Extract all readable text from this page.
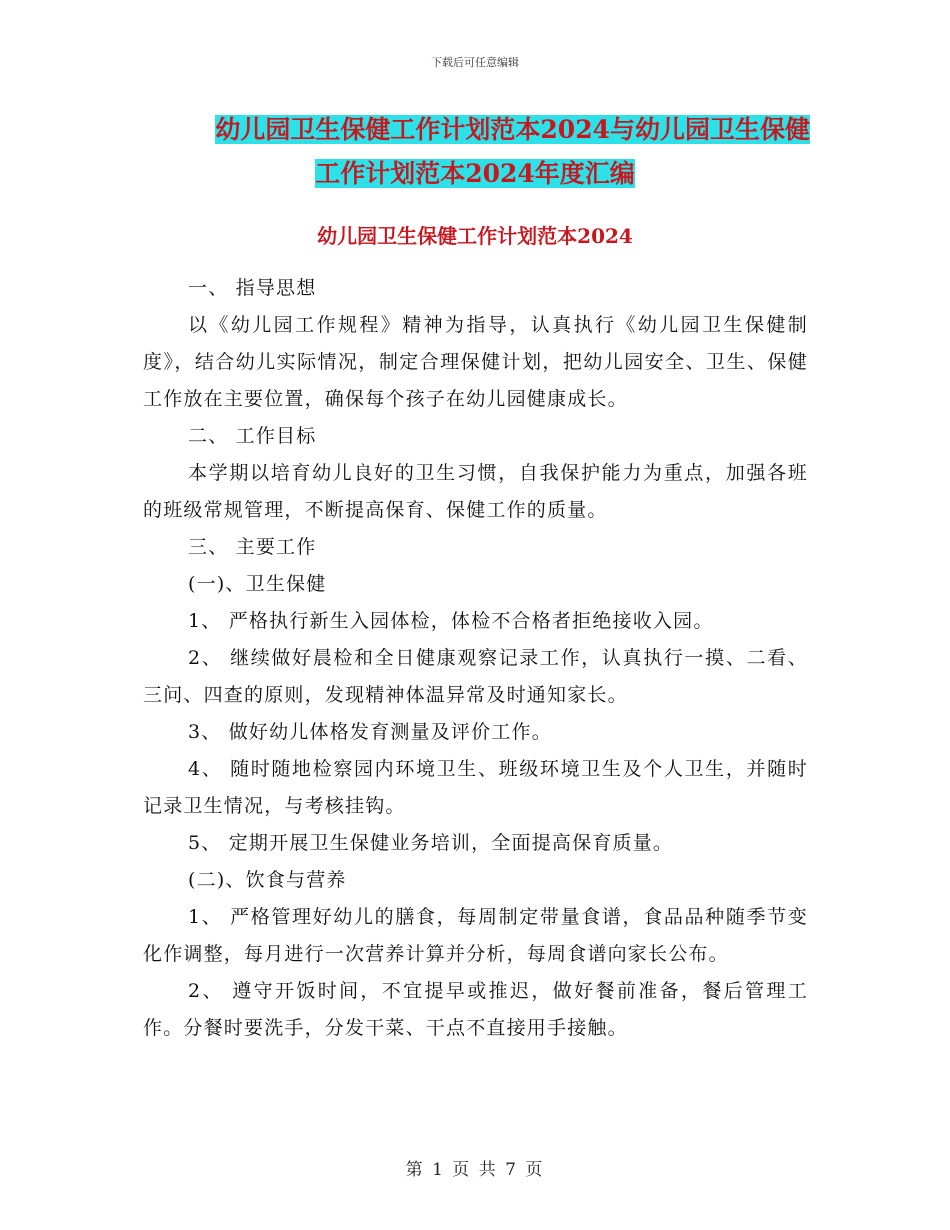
下载后可任意编辑
幼儿园卫生保健工作计划范本2024与幼儿园卫生保健
工作计划范本2024年度汇编
幼儿园卫生保健工作计划范本2024

一、 指导思想

以《幼儿园工作规程》精神为指导，认真执行《幼儿园卫生保健制度》，结合幼儿实际情况，制定合理保健计划，把幼儿园安全、卫生、保健工作放在主要位置，确保每个孩子在幼儿园健康成长。

二、 工作目标

本学期以培育幼儿良好的卫生习惯，自我保护能力为重点，加强各班的班级常规管理，不断提高保育、保健工作的质量。

三、 主要工作

(一)、卫生保健

1、 严格执行新生入园体检，体检不合格者拒绝接收入园。

2、 继续做好晨检和全日健康观察记录工作，认真执行一摸、二看、三问、四查的原则，发现精神体温异常及时通知家长。

3、 做好幼儿体格发育测量及评价工作。

4、 随时随地检察园内环境卫生、班级环境卫生及个人卫生，并随时记录卫生情况，与考核挂钩。

5、 定期开展卫生保健业务培训，全面提高保育质量。

(二)、饮食与营养

1、 严格管理好幼儿的膳食，每周制定带量食谱，食品品种随季节变化作调整，每月进行一次营养计算并分析，每周食谱向家长公布。

2、 遵守开饭时间，不宜提早或推迟，做好餐前准备，餐后管理工作。分餐时要洗手，分发干菜、干点不直接用手接触。

第 1 页 共 7 页
